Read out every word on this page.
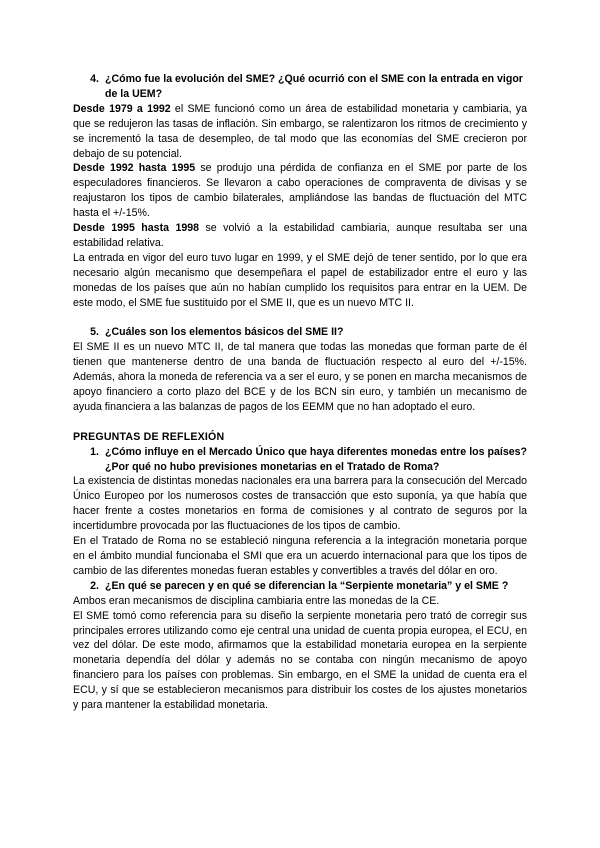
4. ¿Cómo fue la evolución del SME? ¿Qué ocurrió con el SME con la entrada en vigor de la UEM?

Desde 1979 a 1992 el SME funcionó como un área de estabilidad monetaria y cambiaria, ya que se redujeron las tasas de inflación. Sin embargo, se ralentizaron los ritmos de crecimiento y se incrementó la tasa de desempleo, de tal modo que las economías del SME crecieron por debajo de su potencial.

Desde 1992 hasta 1995 se produjo una pérdida de confianza en el SME por parte de los especuladores financieros. Se llevaron a cabo operaciones de compraventa de divisas y se reajustaron los tipos de cambio bilaterales, ampliándose las bandas de fluctuación del MTC hasta el +/-15%.

Desde 1995 hasta 1998 se volvió a la estabilidad cambiaria, aunque resultaba ser una estabilidad relativa.

La entrada en vigor del euro tuvo lugar en 1999, y el SME dejó de tener sentido, por lo que era necesario algún mecanismo que desempeñara el papel de estabilizador entre el euro y las monedas de los países que aún no habían cumplido los requisitos para entrar en la UEM. De este modo, el SME fue sustituido por el SME II, que es un nuevo MTC II.

5. ¿Cuáles son los elementos básicos del SME II?

El SME II es un nuevo MTC II, de tal manera que todas las monedas que forman parte de él tienen que mantenerse dentro de una banda de fluctuación respecto al euro del +/-15%. Además, ahora la moneda de referencia va a ser el euro, y se ponen en marcha mecanismos de apoyo financiero a corto plazo del BCE y de los BCN sin euro, y también un mecanismo de ayuda financiera a las balanzas de pagos de los EEMM que no han adoptado el euro.

PREGUNTAS DE REFLEXIÓN

1. ¿Cómo influye en el Mercado Único que haya diferentes monedas entre los países? ¿Por qué no hubo previsiones monetarias en el Tratado de Roma?

La existencia de distintas monedas nacionales era una barrera para la consecución del Mercado Único Europeo por los numerosos costes de transacción que esto suponía, ya que había que hacer frente a costes monetarios en forma de comisiones y al contrato de seguros por la incertidumbre provocada por las fluctuaciones de los tipos de cambio.

En el Tratado de Roma no se estableció ninguna referencia a la integración monetaria porque en el ámbito mundial funcionaba el SMI que era un acuerdo internacional para que los tipos de cambio de las diferentes monedas fueran estables y convertibles a través del dólar en oro.

2. ¿En qué se parecen y en qué se diferencian la “Serpiente monetaria” y el SME ?

Ambos eran mecanismos de disciplina cambiaria entre las monedas de la CE.

El SME tomó como referencia para su diseño la serpiente monetaria pero trató de corregir sus principales errores utilizando como eje central una unidad de cuenta propia europea, el ECU, en vez del dólar. De este modo, afirmamos que la estabilidad monetaria europea en la serpiente monetaria dependía del dólar y además no se contaba con ningún mecanismo de apoyo financiero para los países con problemas. Sin embargo, en el SME la unidad de cuenta era el ECU, y sí que se establecieron mecanismos para distribuir los costes de los ajustes monetarios y para mantener la estabilidad monetaria.
